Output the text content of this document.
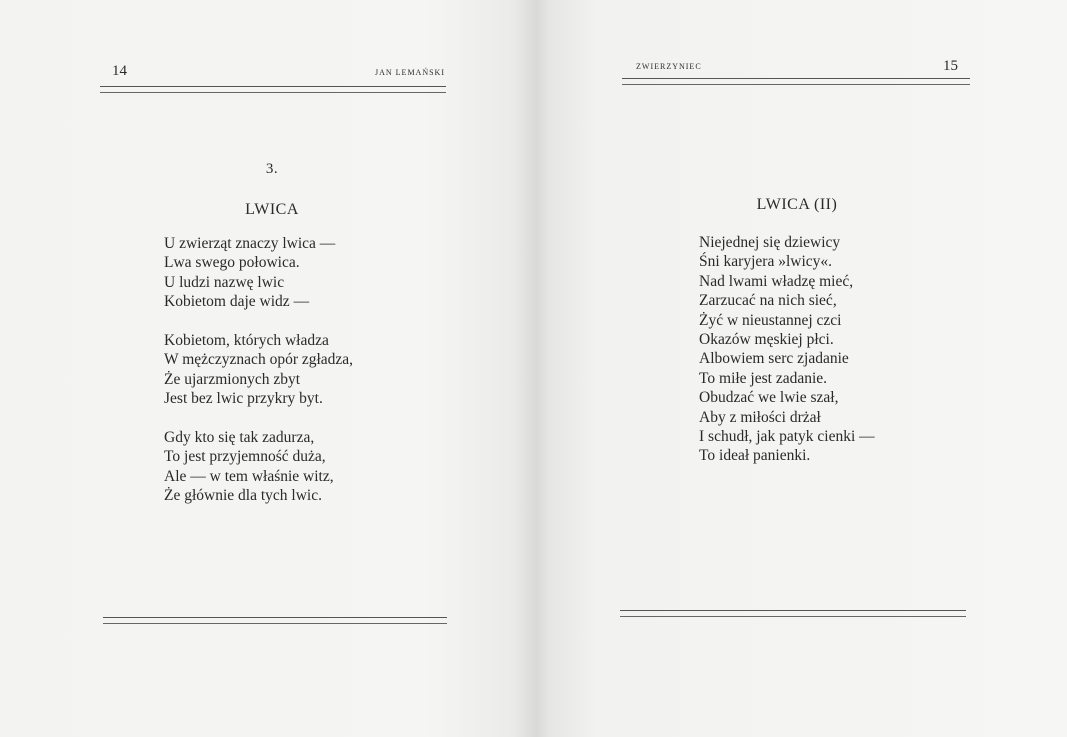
14	JAN LEMAŃSKI
3.
LWICA
U zwierząt znaczy lwica —
Lwa swego połowica.
U ludzi nazwę lwic
Kobietom daje widz —
Kobietom, których władza
W mężczyznach opór zgładza,
Że ujarzmionych zbyt
Jest bez lwic przykry byt.
Gdy kto się tak zadurza,
To jest przyjemność duża,
Ale — w tem właśnie witz,
Że głównie dla tych lwic.
ZWIERZYNIEC	15
LWICA (II)
Niejednej się dziewicy
Śni karyjera »lwicy«.
Nad lwami władzę mieć,
Zarzucać na nich sieć,
Żyć w nieustannej czci
Okazów męskiej płci.
Albowiem serc zjadanie
To miłe jest zadanie.
Obudzać we lwie szał,
Aby z miłości drżał
I schudł, jak patyk cienki —
To ideał panienki.
